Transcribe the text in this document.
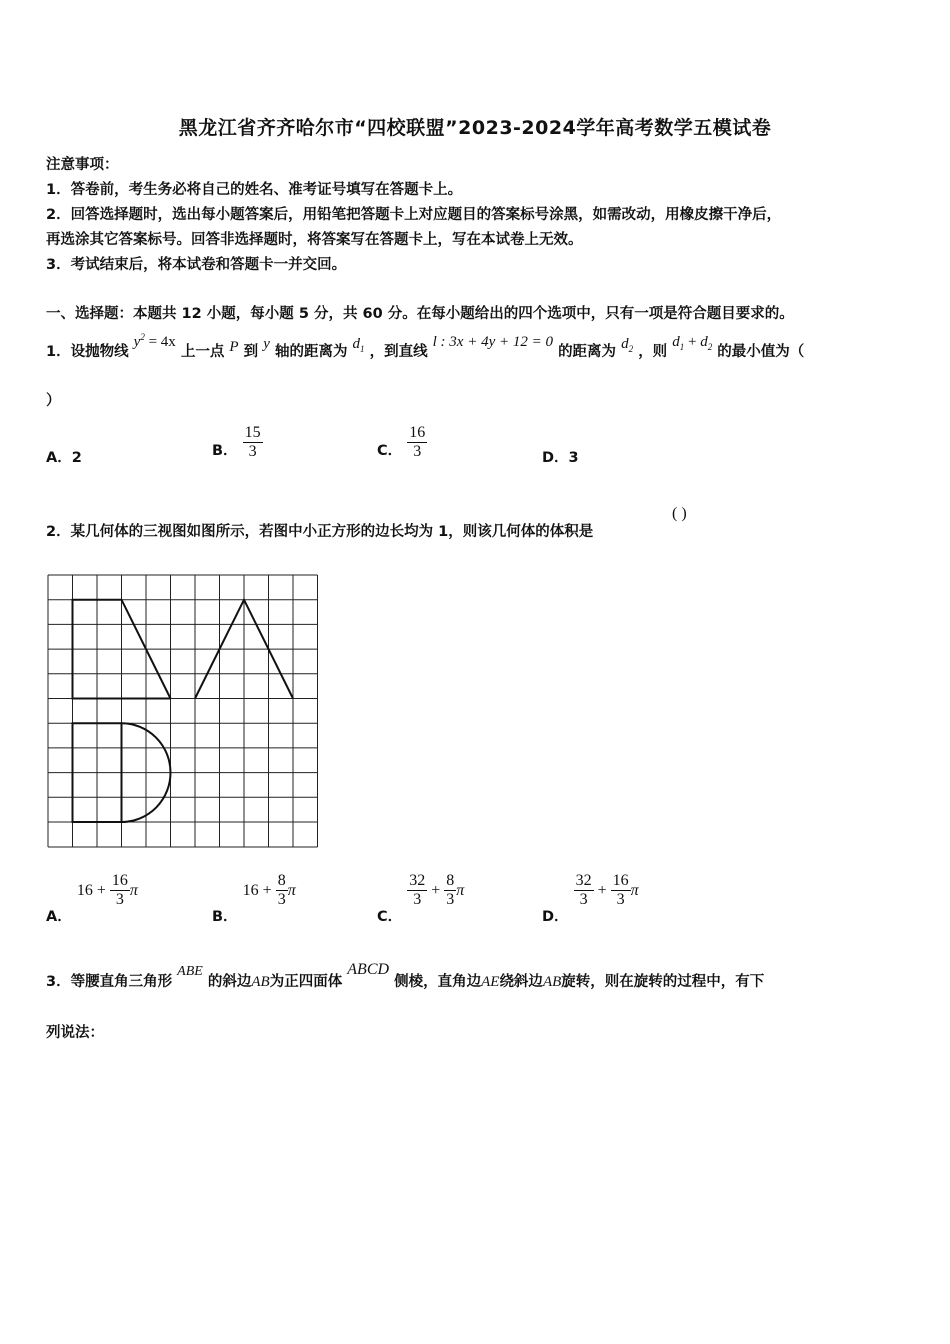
黑龙江省齐齐哈尔市“四校联盟”2023-2024学年高考数学五模试卷
注意事项：
1．答卷前，考生务必将自己的姓名、准考证号填写在答题卡上。
2．回答选择题时，选出每小题答案后，用铅笔把答题卡上对应题目的答案标号涂黑，如需改动，用橡皮擦干净后，
再选涂其它答案标号。回答非选择题时，将答案写在答题卡上，写在本试卷上无效。
3．考试结束后，将本试卷和答题卡一并交回。
一、选择题：本题共 12 小题，每小题 5 分，共 60 分。在每小题给出的四个选项中，只有一项是符合题目要求的。
1．设抛物线 $y^2 = 4x$ 上一点 P 到 y 轴的距离为 $d_1$ ，到直线 l : 3x + 4y + 12 = 0 的距离为 $d_2$ ，则 $d_1 + d_2$ 的最小值为（
）
A．2	B． $\frac{15}{3}$	C． $\frac{16}{3}$	D．3
2．某几何体的三视图如图所示，若图中小正方形的边长均为 1，则该几何体的体积是
( )
A． $16 + \frac{16}{3}$ π
B． $16 + \frac{8}{3}$ π
C．
$\frac{32}{3} + \frac{8}{3}$ π
D．
$\frac{32}{3} + \frac{16}{3}$ π
3．等腰直角三角形 ABE 的斜边AB为正四面体 ABCD 侧棱，直角边AE绕斜边AB旋转，则在旋转的过程中，有下
列说法：
